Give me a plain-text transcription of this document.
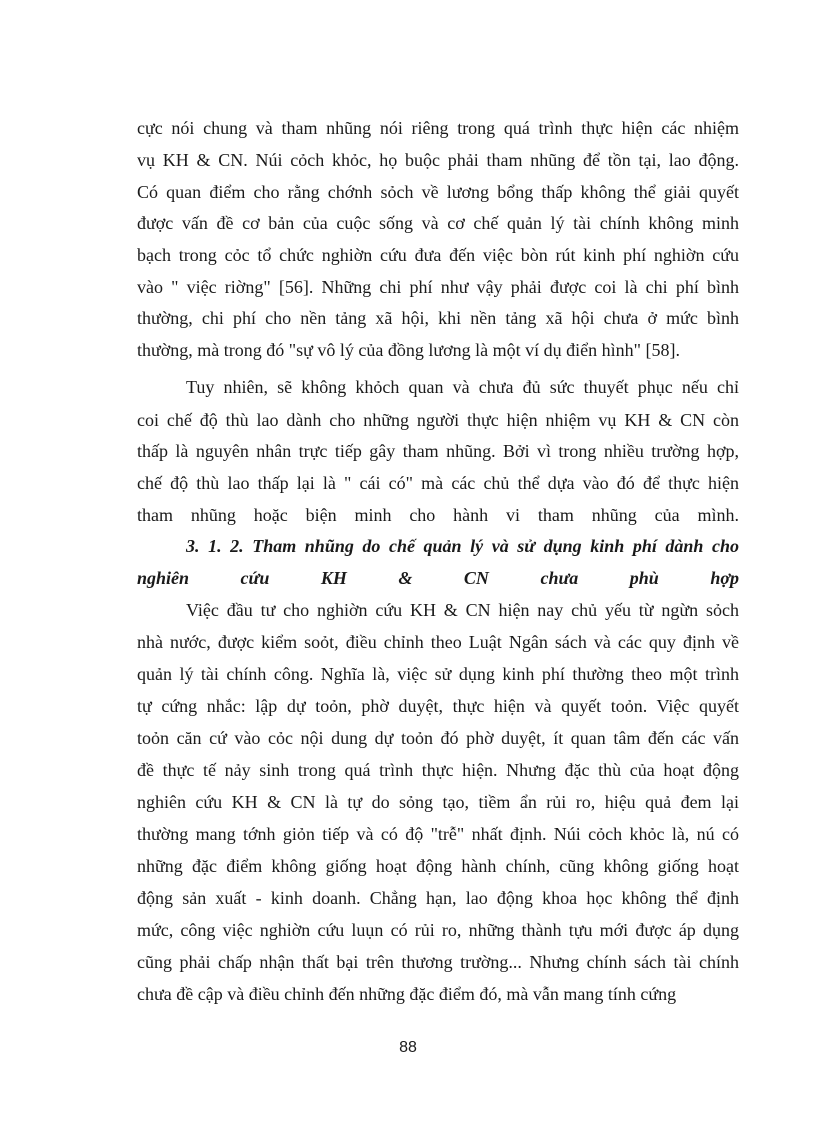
cực nói chung và tham nhũng nói riêng trong quá trình thực hiện các nhiệm
vụ KH & CN. Núi cỏch khỏc, họ buộc phải tham nhũng để tồn tại, lao động.
Có quan điểm cho rằng chớnh sỏch về lương bổng thấp không thể giải quyết
được vấn đề cơ bản của cuộc sống và cơ chế quản lý tài chính không minh
bạch trong cỏc tổ chức nghiờn cứu đưa đến việc bòn rút kinh phí nghiờn cứu
vào " việc riờng" [56]. Những chi phí như vậy phải được coi là chi phí bình
thường, chi phí cho nền tảng xã hội, khi nền tảng xã hội chưa ở mức bình
thường, mà trong đó "sự vô lý của đồng lương là một ví dụ điển hình" [58].
Tuy nhiên, sẽ không khỏch quan và chưa đủ sức thuyết phục nếu chỉ
coi chế độ thù lao dành cho những người thực hiện nhiệm vụ KH & CN còn
thấp là nguyên nhân trực tiếp gây tham nhũng. Bởi vì trong nhiều trường hợp,
chế độ thù lao thấp lại là " cái có" mà các chủ thể dựa vào đó để thực hiện
tham nhũng hoặc biện minh cho hành vi tham nhũng của mình.
3. 1. 2. Tham nhũng do chế quản lý và sử dụng kinh phí dành cho
nghiên cứu KH & CN chưa phù hợp
Việc đầu tư cho nghiờn cứu KH & CN hiện nay chủ yếu từ ngừn sỏch
nhà nước, được kiểm soỏt, điều chỉnh theo Luật Ngân sách và các quy định về
quản lý tài chính công. Nghĩa là, việc sử dụng kinh phí thường theo một trình
tự cứng nhắc: lập dự toỏn, phờ duyệt, thực hiện và quyết toỏn. Việc quyết
toỏn căn cứ vào cỏc nội dung dự toỏn đó phờ duyệt, ít quan tâm đến các vấn
đề thực tế nảy sinh trong quá trình thực hiện. Nhưng đặc thù của hoạt động
nghiên cứu KH & CN là tự do sỏng tạo, tiềm ẩn rủi ro, hiệu quả đem lại
thường mang tớnh giỏn tiếp và có độ "trễ" nhất định. Núi cỏch khỏc là, nú có
những đặc điểm không giống hoạt động hành chính, cũng không giống hoạt
động sản xuất - kinh doanh. Chẳng hạn, lao động khoa học không thể định
mức, công việc nghiờn cứu luụn có rủi ro, những thành tựu mới được áp dụng
cũng phải chấp nhận thất bại trên thương trường... Nhưng chính sách tài chính
chưa đề cập và điều chỉnh đến những đặc điểm đó, mà vẫn mang tính cứng
88
